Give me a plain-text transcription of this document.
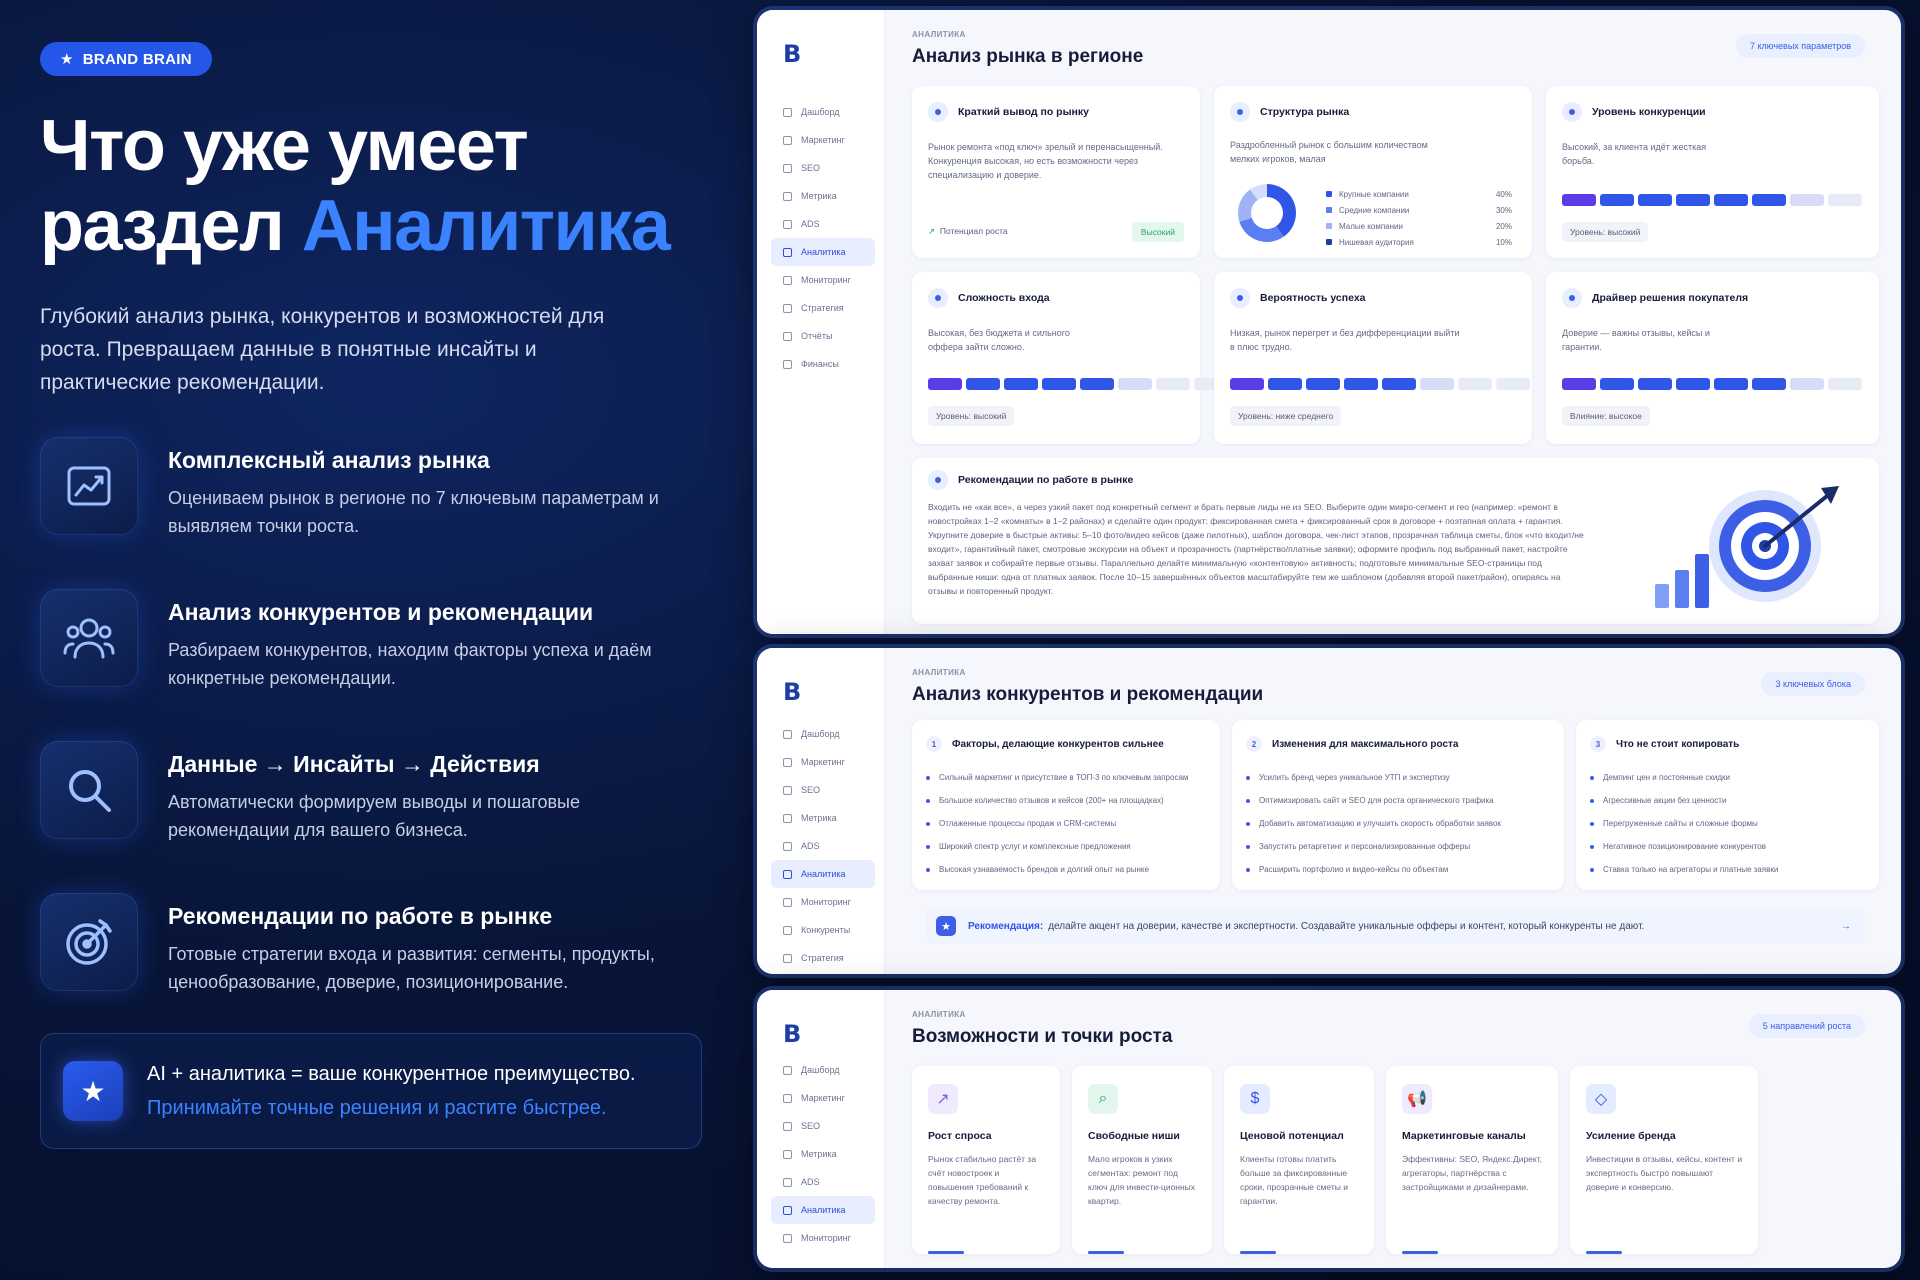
★ BRAND BRAIN
Что уже умеет
раздел Аналитика

Глубокий анализ рынка, конкурентов и возможностей для роста. Превращаем данные в понятные инсайты и практические рекомендации.

Комплексный анализ рынка
Оцениваем рынок в регионе по 7 ключевым параметрам и выявляем точки роста.
Анализ конкурентов и рекомендации
Разбираем конкурентов, находим факторы успеха и даём конкретные рекомендации.
Данные → Инсайты → Действия
Автоматически формируем выводы и пошаговые рекомендации для вашего бизнеса.
Рекомендации по работе в рынке
Готовые стратегии входа и развития: сегменты, продукты, ценообразование, доверие, позиционирование.
★
AI + аналитика = ваше конкурентное преимущество.
Принимайте точные решения и растите быстрее.
B
Дашборд
Маркетинг
SEO
Метрика
ADS
Аналитика
Мониторинг
Стратегия
Отчёты
Финансы
АНАЛИТИКА
Анализ рынка в регионе	7 ключевых параметров
Краткий вывод по рынку
Рынок ремонта «под ключ» зрелый и перенасыщенный. Конкуренция высокая, но есть возможности через специализацию и доверие.
↗ Потенциал роста	Высокий
Структура рынка
Раздробленный рынок с большим количеством мелких игроков, малая
Крупные компании	40%
Средние компании	30%
Малые компании	20%
Нишевая аудитория	10%
Уровень конкуренции
Высокий, за клиента идёт жесткая борьба.
Уровень: высокий
Сложность входа
Высокая, без бюджета и сильного оффера зайти сложно.
Уровень: высокий
Вероятность успеха
Низкая, рынок перегрет и без дифференциации выйти в плюс трудно.
Уровень: ниже среднего
Драйвер решения покупателя
Доверие — важны отзывы, кейсы и гарантии.
Влияние: высокое
Рекомендации по работе в рынке
Входить не «как все», а через узкий пакет под конкретный сегмент и брать первые лиды не из SEO. Выберите один микро-сегмент и гео (например: «ремонт в новостройках 1–2 «комнаты» в 1–2 районах) и сделайте один продукт: фиксированная смета + фиксированный срок в договоре + поэтапная оплата + гарантия. Укрупните доверие в быстрые активы: 5–10 фото/видео кейсов (даже пилотных), шаблон договора, чек-лист этапов, прозрачная таблица сметы, блок «что входит/не входит», гарантийный пакет, смотровые экскурсии на объект и прозрачность (партнёрство/платные заявки); оформите профиль под выбранный пакет, настройте захват заявок и собирайте первые отзывы. Параллельно делайте минимальную «контентовую» активность; подготовьте минимальные SEO-страницы под выбранные ниши: одна от платных заявок. После 10–15 завершённых объектов масштабируйте тем же шаблоном (добавляя второй пакет/район), опираясь на отзывы и повторенный продукт.
B
Дашборд
Маркетинг
SEO
Метрика
ADS
Аналитика
Мониторинг
Конкуренты
Стратегия
АНАЛИТИКА
Анализ конкурентов и рекомендации	3 ключевых блока
1	Факторы, делающие конкурентов сильнее
Сильный маркетинг и присутствие в ТОП-3 по ключевым запросам
Большое количество отзывов и кейсов (200+ на площадках)
Отлаженные процессы продаж и CRM-системы
Широкий спектр услуг и комплексные предложения
Высокая узнаваемость брендов и долгий опыт на рынке
2	Изменения для максимального роста
Усилить бренд через уникальное УТП и экспертизу
Оптимизировать сайт и SEO для роста органического трафика
Добавить автоматизацию и улучшить скорость обработки заявок
Запустить ретаргетинг и персонализированные офферы
Расширить портфолио и видео-кейсы по объектам
3	Что не стоит копировать
Демпинг цен и постоянные скидки
Агрессивные акции без ценности
Перегруженные сайты и сложные формы
Негативное позиционирование конкурентов
Ставка только на агрегаторы и платные заявки
★	Рекомендация: делайте акцент на доверии, качестве и экспертности. Создавайте уникальные офферы и контент, который конкуренты не дают.	→
B
Дашборд
Маркетинг
SEO
Метрика
ADS
Аналитика
Мониторинг
АНАЛИТИКА
Возможности и точки роста	5 направлений роста
↗
Рост спроса
Рынок стабильно растёт за счёт новостроек и повышения требований к качеству ремонта.
⌕
Свободные ниши
Мало игроков в узких сегментах: ремонт под ключ для инвести-ционных квартир.
$
Ценовой потенциал
Клиенты готовы платить больше за фиксированные сроки, прозрачные сметы и гарантии.
📢
Маркетинговые каналы
Эффективны: SEO, Яндекс.Директ, агрегаторы, партнёрства с застройщиками и дизайнерами.
◇
Усиление бренда
Инвестиции в отзывы, кейсы, контент и экспертность быстро повышают доверие и конверсию.
